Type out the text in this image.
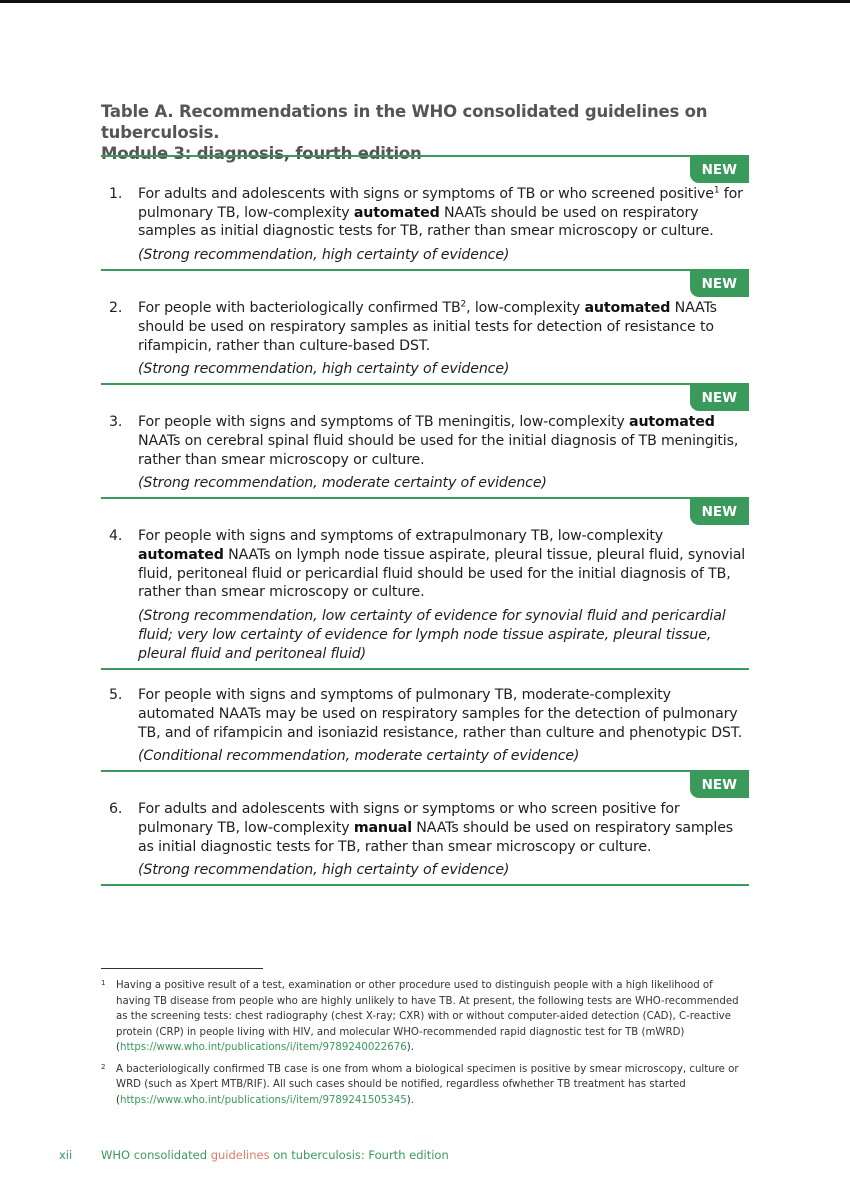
Table A. Recommendations in the WHO consolidated guidelines on tuberculosis.
Module 3: diagnosis, fourth edition
NEW
1. For adults and adolescents with signs or symptoms of TB or who screened positive$^1$ for pulmonary TB, low-complexity automated NAATs should be used on respiratory samples as initial diagnostic tests for TB, rather than smear microscopy or culture.
(Strong recommendation, high certainty of evidence)
NEW
2. For people with bacteriologically confirmed $TB^2$, low-complexity automated NAATs should be used on respiratory samples as initial tests for detection of resistance to rifampicin, rather than culture-based DST.
(Strong recommendation, high certainty of evidence)
NEW
3. For people with signs and symptoms of TB meningitis, low-complexity automated NAATs on cerebral spinal fluid should be used for the initial diagnosis of TB meningitis, rather than smear microscopy or culture.
(Strong recommendation, moderate certainty of evidence)
NEW
4. For people with signs and symptoms of extrapulmonary TB, low-complexity automated NAATs on lymph node tissue aspirate, pleural tissue, pleural fluid, synovial fluid, peritoneal fluid or pericardial fluid should be used for the initial diagnosis of TB, rather than smear microscopy or culture.
(Strong recommendation, low certainty of evidence for synovial fluid and pericardial fluid; very low certainty of evidence for lymph node tissue aspirate, pleural tissue, pleural fluid and peritoneal fluid)
5. For people with signs and symptoms of pulmonary TB, moderate-complexity automated NAATs may be used on respiratory samples for the detection of pulmonary TB, and of rifampicin and isoniazid resistance, rather than culture and phenotypic DST.
(Conditional recommendation, moderate certainty of evidence)
NEW
6. For adults and adolescents with signs or symptoms or who screen positive for pulmonary TB, low-complexity manual NAATs should be used on respiratory samples as initial diagnostic tests for TB, rather than smear microscopy or culture.
(Strong recommendation, high certainty of evidence)
1 Having a positive result of a test, examination or other procedure used to distinguish people with a high likelihood of having TB disease from people who are highly unlikely to have TB. At present, the following tests are WHO-recommended as the screening tests: chest radiography (chest X-ray; CXR) with or without computer-aided detection (CAD), C-reactive protein (CRP) in people living with HIV, and molecular WHO-recommended rapid diagnostic test for TB (mWRD) (https://www.who.int/publications/i/item/9789240022676).
2 A bacteriologically confirmed TB case is one from whom a biological specimen is positive by smear microscopy, culture or WRD (such as Xpert MTB/RIF). All such cases should be notified, regardless ofwhether TB treatment has started (https://www.who.int/publications/i/item/9789241505345).
xii	WHO consolidated guidelines on tuberculosis: Fourth edition
